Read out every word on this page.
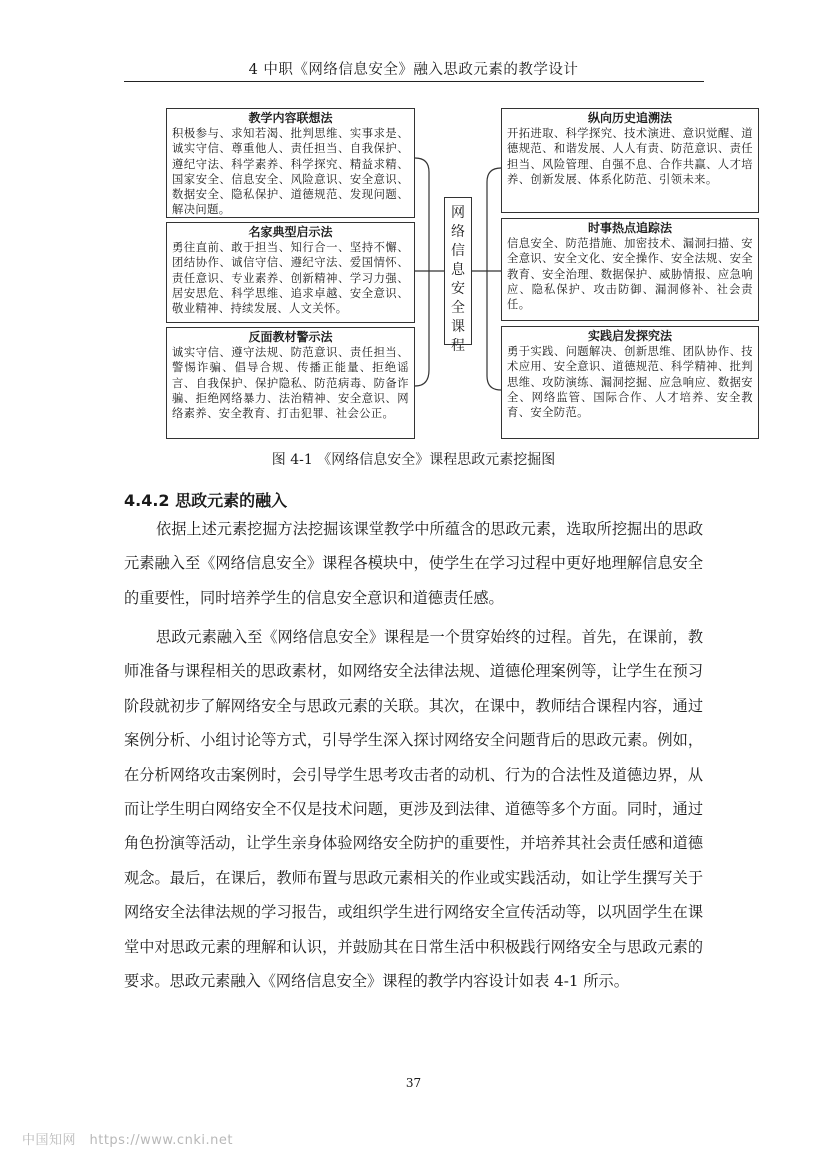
4 中职《网络信息安全》融入思政元素的教学设计
教学内容联想法
积极参与、求知若渴、批判思维、实事求是、诚实守信、尊重他人、责任担当、自我保护、遵纪守法、科学素养、科学探究、精益求精、国家安全、信息安全、风险意识、安全意识、数据安全、隐私保护、道德规范、发现问题、解决问题。
名家典型启示法
勇往直前、敢于担当、知行合一、坚持不懈、团结协作、诚信守信、遵纪守法、爱国情怀、责任意识、专业素养、创新精神、学习力强、居安思危、科学思维、追求卓越、安全意识、敬业精神、持续发展、人文关怀。
反面教材警示法
诚实守信、遵守法规、防范意识、责任担当、警惕诈骗、倡导合规、传播正能量、拒绝谣言、自我保护、保护隐私、防范病毒、防备诈骗、拒绝网络暴力、法治精神、安全意识、网络素养、安全教育、打击犯罪、社会公正。
网络信息安全课程
纵向历史追溯法
开拓进取、科学探究、技术演进、意识觉醒、道德规范、和谐发展、人人有责、防范意识、责任担当、风险管理、自强不息、合作共赢、人才培养、创新发展、体系化防范、引领未来。
时事热点追踪法
信息安全、防范措施、加密技术、漏洞扫描、安全意识、安全文化、安全操作、安全法规、安全教育、安全治理、数据保护、威胁情报、应急响应、隐私保护、攻击防御、漏洞修补、社会责任。
实践启发探究法
勇于实践、问题解决、创新思维、团队协作、技术应用、安全意识、道德规范、科学精神、批判思维、攻防演练、漏洞挖掘、应急响应、数据安全、网络监管、国际合作、人才培养、安全教育、安全防范。
图 4-1 《网络信息安全》课程思政元素挖掘图
4.4.2 思政元素的融入

依据上述元素挖掘方法挖掘该课堂教学中所蕴含的思政元素，选取所挖掘出的思政元素融入至《网络信息安全》课程各模块中，使学生在学习过程中更好地理解信息安全的重要性，同时培养学生的信息安全意识和道德责任感。

思政元素融入至《网络信息安全》课程是一个贯穿始终的过程。首先，在课前，教师准备与课程相关的思政素材，如网络安全法律法规、道德伦理案例等，让学生在预习阶段就初步了解网络安全与思政元素的关联。其次，在课中，教师结合课程内容，通过案例分析、小组讨论等方式，引导学生深入探讨网络安全问题背后的思政元素。例如，在分析网络攻击案例时，会引导学生思考攻击者的动机、行为的合法性及道德边界，从而让学生明白网络安全不仅是技术问题，更涉及到法律、道德等多个方面。同时，通过角色扮演等活动，让学生亲身体验网络安全防护的重要性，并培养其社会责任感和道德观念。最后，在课后，教师布置与思政元素相关的作业或实践活动，如让学生撰写关于网络安全法律法规的学习报告，或组织学生进行网络安全宣传活动等，以巩固学生在课堂中对思政元素的理解和认识，并鼓励其在日常生活中积极践行网络安全与思政元素的要求。思政元素融入《网络信息安全》课程的教学内容设计如表 4-1 所示。

37
中国知网　https://www.cnki.net
